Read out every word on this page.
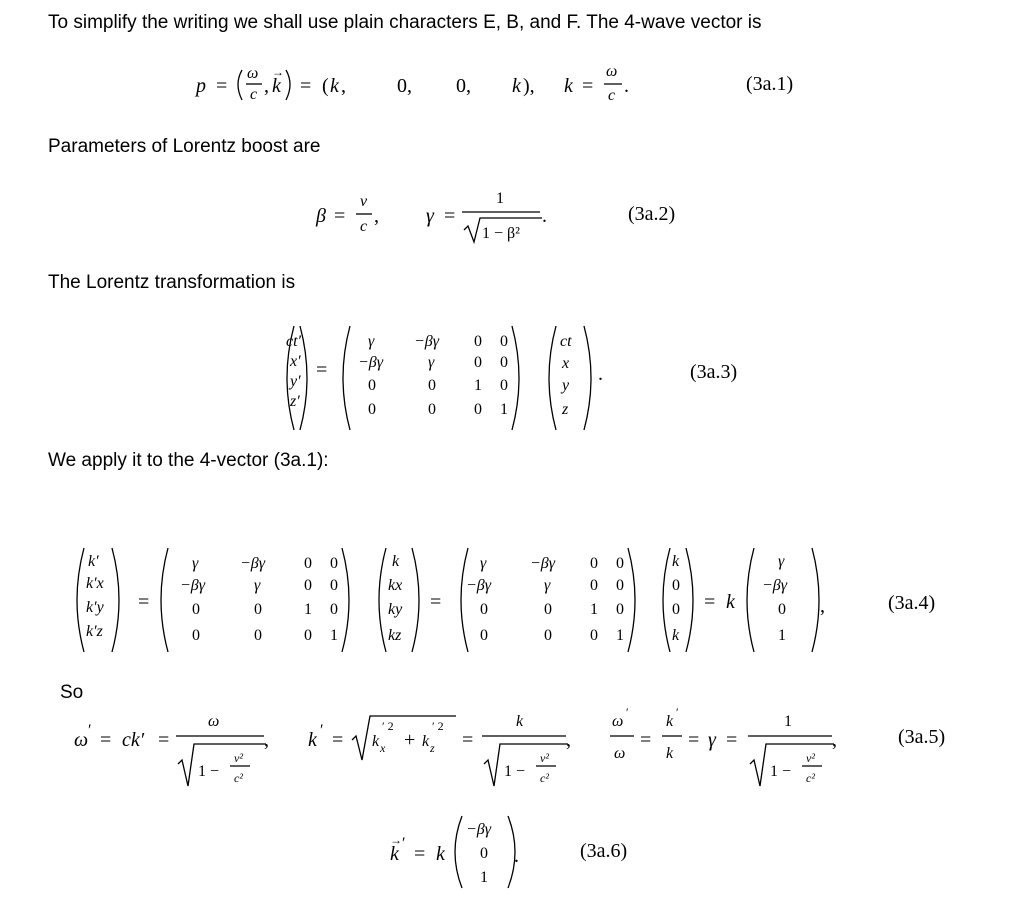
To simplify the writing we shall use plain characters E, B, and F. The 4-wave vector is
Parameters of Lorentz boost are
The Lorentz transformation is
We apply it to the 4-vector (3a.1):
So
(3a.1)
(3a.2)
(3a.3)
(3a.4)
(3a.5)
(3a.6)
p =
ω
c , k
→
= ( k ,	0, 0, k ), k =
ω
c .
β =
v
c , γ =
1
1 − β²
.
ct′
x′
y′
z′
=
γ −βγ 0 0
−βγ	γ 0 0
0	0 1 0
0	0 0 1
ct
x
y
z
.
k′
k′x
k′y
k′z
=
γ	−βγ 0 0
−βγ	γ	0 0
0	0	1 0
0	0	0 1
k
kx
ky
kz
=
γ	−βγ 0 0
−βγ	γ 0 0
0	0 1 0
0	0 0 1
k
0
0
k
= k
γ
−βγ
0
1
,
ω ′ = ck′ =
ω
1 −
v²
c²
, k ′ = k x
′ 2
+ k z
′ 2
=
k
1 −
v²
c²
,
ω
′
ω
=
k
′
k
= γ =
1
1 −
v²
c²
,
k
→ ′ = k
−βγ
0
1
.
